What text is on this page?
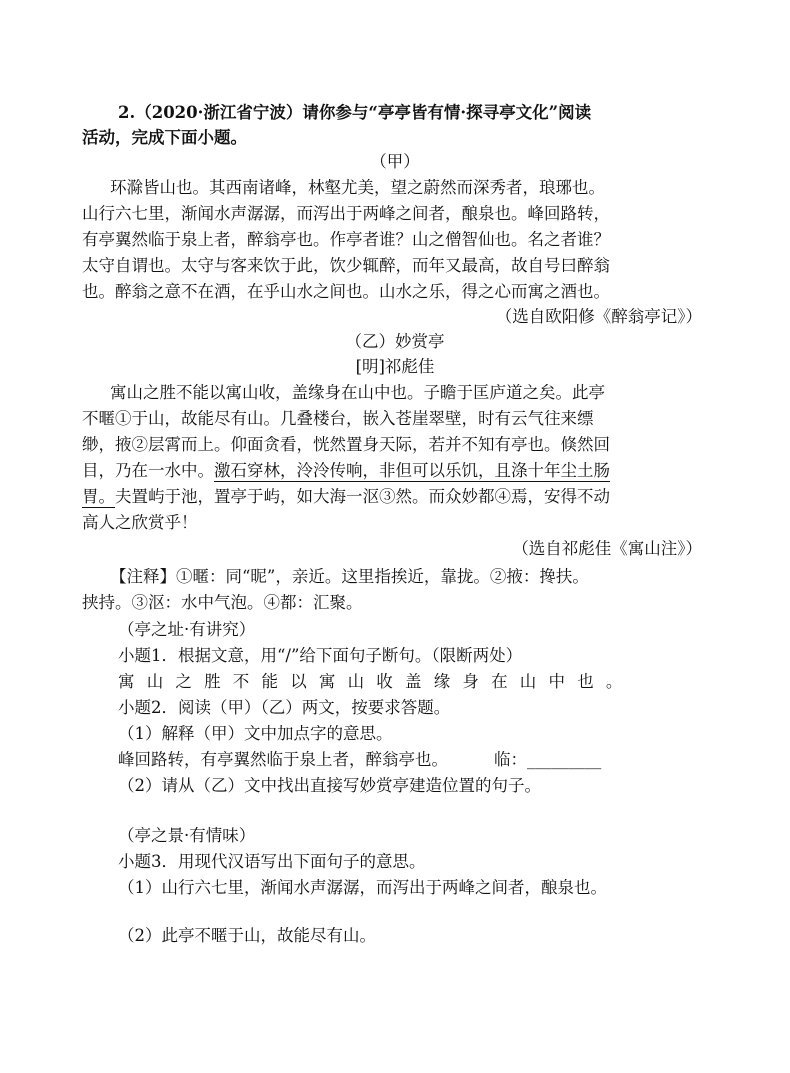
2.（2020·浙江省宁波）请你参与“亭亭皆有情·探寻亭文化”阅读
活动，完成下面小题。
（甲）
环滁皆山也。其西南诸峰，林壑尤美，望之蔚然而深秀者，琅琊也。
山行六七里，渐闻水声潺潺，而泻出于两峰之间者，酿泉也。峰回路转，
有亭翼然临于泉上者，醉翁亭也。作亭者谁？山之僧智仙也。名之者谁？
太守自谓也。太守与客来饮于此，饮少辄醉，而年又最高，故自号曰醉翁
也。醉翁之意不在酒，在乎山水之间也。山水之乐，得之心而寓之酒也。
（选自欧阳修《醉翁亭记》）
（乙）妙赏亭
[明]祁彪佳
寓山之胜不能以寓山收，盖缘身在山中也。子瞻于匡庐道之矣。此亭
不暱①于山，故能尽有山。几叠楼台，嵌入苍崖翠壁，时有云气往来缥
缈，掖②层霄而上。仰面贪看，恍然置身天际，若并不知有亭也。倏然回
目，乃在一水中。激石穿林，泠泠传响，非但可以乐饥，且涤十年尘土肠
胃。夫置屿于池，置亭于屿，如大海一沤③然。而众妙都④焉，安得不动
高人之欣赏乎！
（选自祁彪佳《寓山注》）
【注释】①暱：同“昵”，亲近。这里指挨近，靠拢。②掖：搀扶。
挟持。③沤：水中气泡。④都：汇聚。
（亭之址·有讲究）
小题1．根据文意，用“/”给下面句子断句。（限断两处）
寓山之胜不能以寓山收盖缘身在山中也。
小题2．阅读（甲）（乙）两文，按要求答题。
（1）解释（甲）文中加点字的意思。
峰回路转，有亭翼然临于泉上者，醉翁亭也。	临：_________
（2）请从（乙）文中找出直接写妙赏亭建造位置的句子。
（亭之景·有情味）
小题3．用现代汉语写出下面句子的意思。
（1）山行六七里，渐闻水声潺潺，而泻出于两峰之间者，酿泉也。
（2）此亭不暱于山，故能尽有山。
